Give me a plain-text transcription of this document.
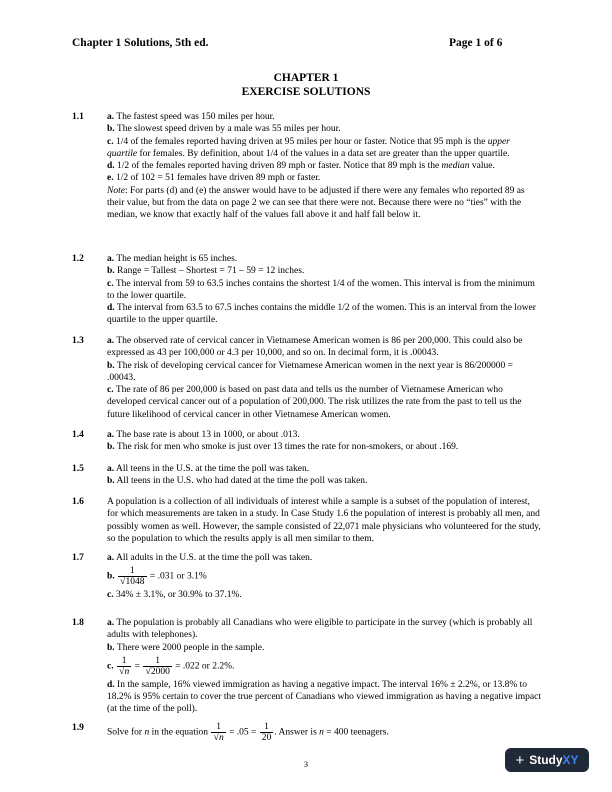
Chapter 1 Solutions, 5th ed.	Page 1 of 6
CHAPTER 1
EXERCISE SOLUTIONS
1.1 a. The fastest speed was 150 miles per hour.

b. The slowest speed driven by a male was 55 miles per hour.

c. 1/4 of the females reported having driven at 95 miles per hour or faster. Notice that 95 mph is the upper quartile for females. By definition, about 1/4 of the values in a data set are greater than the upper quartile.

d. 1/2 of the females reported having driven 89 mph or faster. Notice that 89 mph is the median value.

e. 1/2 of 102 = 51 females have driven 89 mph or faster.

Note: For parts (d) and (e) the answer would have to be adjusted if there were any females who reported 89 as their value, but from the data on page 2 we can see that there were not. Because there were no “ties” with the median, we know that exactly half of the values fall above it and half fall below it.

1.2 a. The median height is 65 inches.

b. Range = Tallest – Shortest = 71 – 59 = 12 inches.

c. The interval from 59 to 63.5 inches contains the shortest 1/4 of the women. This interval is from the minimum to the lower quartile.

d. The interval from 63.5 to 67.5 inches contains the middle 1/2 of the women. This is an interval from the lower quartile to the upper quartile.

1.3 a. The observed rate of cervical cancer in Vietnamese American women is 86 per 200,000. This could also be expressed as 43 per 100,000 or 4.3 per 10,000, and so on. In decimal form, it is .00043.

b. The risk of developing cervical cancer for Vietnamese American women in the next year is 86/200000 = .00043.

c. The rate of 86 per 200,000 is based on past data and tells us the number of Vietnamese American who developed cervical cancer out of a population of 200,000. The risk utilizes the rate from the past to tell us the future likelihood of cervical cancer in other Vietnamese American women.

1.4 a. The base rate is about 13 in 1000, or about .013.

b. The risk for men who smoke is just over 13 times the rate for non-smokers, or about .169.

1.5 a. All teens in the U.S. at the time the poll was taken.

b. All teens in the U.S. who had dated at the time the poll was taken.

1.6 A population is a collection of all individuals of interest while a sample is a subset of the population of interest, for which measurements are taken in a study. In Case Study 1.6 the population of interest is probably all men, and possibly women as well. However, the sample consisted of 22,071 male physicians who volunteered for the study, so the population to which the results apply is all men similar to them.

1.7 a. All adults in the U.S. at the time the poll was taken.

b. $\frac{1}{√1048} = .031$ or 3.1%

c. 34% ± 3.1%, or 30.9% to 37.1%.

1.8 a. The population is probably all Canadians who were eligible to participate in the survey (which is probably all adults with telephones).

b. There were 2000 people in the sample.

c. $\frac{1}{√n} = \frac{1}{√2000} = .022$ or 2.2%.

d. In the sample, 16% viewed immigration as having a negative impact. The interval 16% ± 2.2%, or 13.8% to 18.2% is 95% certain to cover the true percent of Canadians who viewed immigration as having a negative impact (at the time of the poll).

1.9 Solve for n in the equation $\frac{1}{√n} = .05 = \frac{1}{20}$ . Answer is n = 400 teenagers.

3	+ StudyXY
